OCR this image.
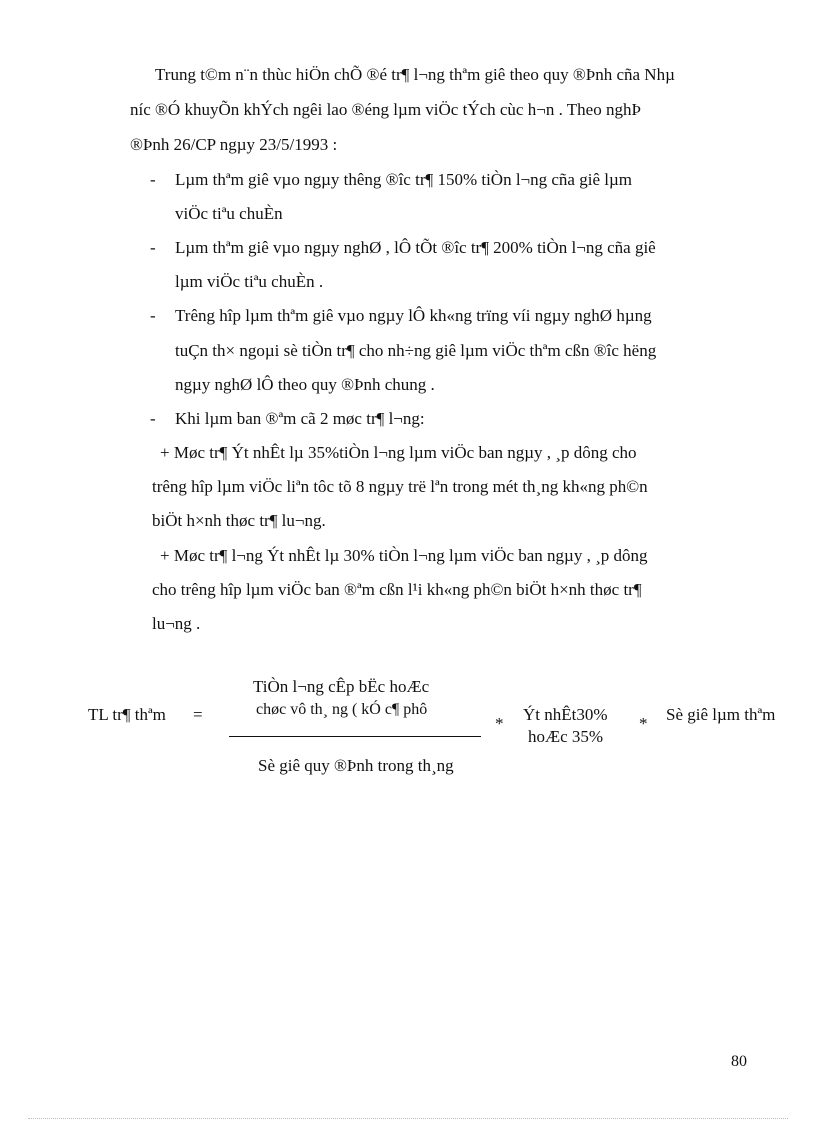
Trung t©m n¨n thùc hiÖn chÕ ®é tr¶ l¬ng thªm giê theo quy ®Þnh cña Nhµ
níc ®Ó khuyÕn khÝch ngêi lao ®éng lµm viÖc tÝch cùc h¬n . Theo nghÞ
®Þnh 26/CP ngµy 23/5/1993 :
-	Lµm thªm giê vµo ngµy thêng ®îc tr¶ 150% tiÒn l¬ng cña giê lµm
viÖc tiªu chuÈn
-	Lµm thªm giê vµo ngµy nghØ , lÔ tÕt ®îc tr¶ 200% tiÒn l¬ng cña giê
lµm viÖc tiªu chuÈn .
-	Trêng hîp lµm thªm giê vµo ngµy lÔ kh«ng trïng víi ngµy nghØ hµng
tuÇn th× ngoµi sè tiÒn tr¶ cho nh÷ng giê lµm viÖc thªm cßn ®îc hëng
ngµy nghØ lÔ theo quy ®Þnh chung .
-	Khi lµm ban ®ªm cã 2 møc tr¶ l¬ng:
+ Møc tr¶ Ýt nhÊt lµ 35%tiÒn l¬ng lµm viÖc ban ngµy , ¸p dông cho
trêng hîp lµm viÖc liªn tôc tõ 8 ngµy trë lªn trong mét th¸ng kh«ng ph©n
biÖt h×nh thøc tr¶ lu¬ng.
+ Møc tr¶ l¬ng Ýt nhÊt lµ 30% tiÒn l¬ng lµm viÖc ban ngµy , ¸p dông
cho trêng hîp lµm viÖc ban ®ªm cßn l¹i kh«ng ph©n biÖt h×nh thøc tr¶
lu¬ng .
TL tr¶ thªm =
TiÒn l¬ng cÊp bËc hoÆc
chøc vô th¸ ng ( kÓ c¶ phô
Sè giê quy ®Þnh trong th¸ng
* Ýt nhÊt30%
hoÆc 35%
* Sè giê lµm thªm
80
